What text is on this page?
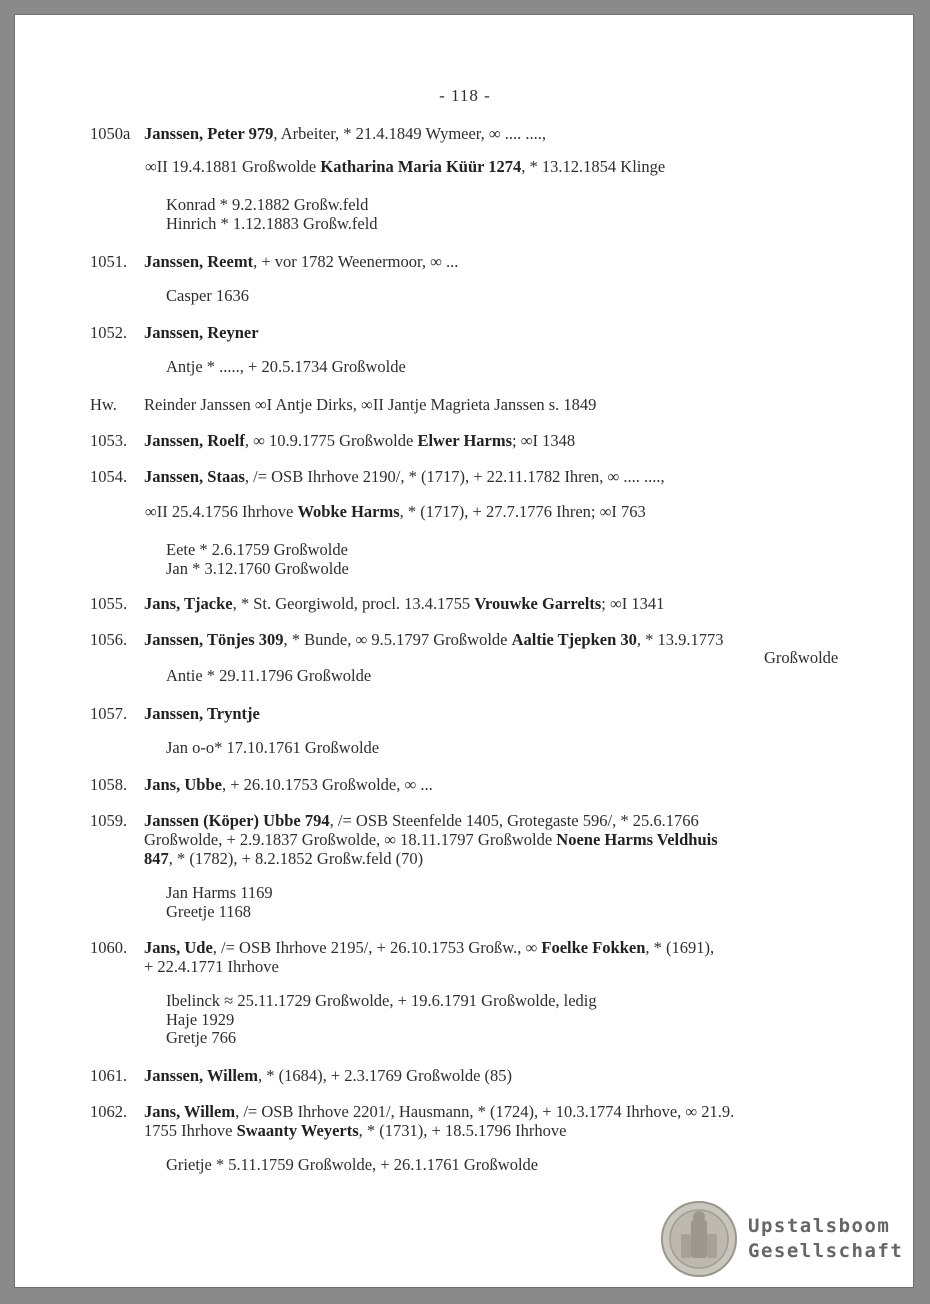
- 118 -
1050a Janssen, Peter 979, Arbeiter, * 21.4.1849 Wymeer, ∞ .... ....,
∞II 19.4.1881 Großwolde Katharina Maria Küür 1274, * 13.12.1854 Klinge
Konrad * 9.2.1882 Großw.feld
Hinrich * 1.12.1883 Großw.feld
1051.	Janssen, Reemt, + vor 1782 Weenermoor, ∞ ...
Casper 1636
1052.	Janssen, Reyner
Antje * ....., + 20.5.1734 Großwolde
Hw.	Reinder Janssen ∞I Antje Dirks, ∞II Jantje Magrieta Janssen s. 1849
1053.	Janssen, Roelf, ∞ 10.9.1775 Großwolde Elwer Harms; ∞I 1348
1054.	Janssen, Staas, /= OSB Ihrhove 2190/, * (1717), + 22.11.1782 Ihren, ∞ .... ....,
∞II 25.4.1756 Ihrhove Wobke Harms, * (1717), + 27.7.1776 Ihren; ∞I 763
Eete * 2.6.1759 Großwolde
Jan * 3.12.1760 Großwolde
1055.	Jans, Tjacke, * St. Georgiwold, procl. 13.4.1755 Vrouwke Garrelts; ∞I 1341
1056.	Janssen, Tönjes 309, * Bunde, ∞ 9.5.1797 Großwolde Aaltie Tjepken 30, * 13.9.1773
Großwolde
Antie * 29.11.1796 Großwolde
1057.	Janssen, Tryntje
Jan o-o* 17.10.1761 Großwolde
1058.	Jans, Ubbe, + 26.10.1753 Großwolde, ∞ ...
1059.	Janssen (Köper) Ubbe 794, /= OSB Steenfelde 1405, Grotegaste 596/, * 25.6.1766
Großwolde, + 2.9.1837 Großwolde, ∞ 18.11.1797 Großwolde Noene Harms Veldhuis
847, * (1782), + 8.2.1852 Großw.feld (70)
Jan Harms 1169
Greetje 1168
1060.	Jans, Ude, /= OSB Ihrhove 2195/, + 26.10.1753 Großw., ∞ Foelke Fokken, * (1691),
+ 22.4.1771 Ihrhove
Ibelinck ≈ 25.11.1729 Großwolde, + 19.6.1791 Großwolde, ledig
Haje 1929
Gretje 766
1061.	Janssen, Willem, * (1684), + 2.3.1769 Großwolde (85)
1062.	Jans, Willem, /= OSB Ihrhove 2201/, Hausmann, * (1724), + 10.3.1774 Ihrhove, ∞ 21.9.
1755 Ihrhove Swaanty Weyerts, * (1731), + 18.5.1796 Ihrhove
Grietje * 5.11.1759 Großwolde, + 26.1.1761 Großwolde
Upstalsboom
Gesellschaft
